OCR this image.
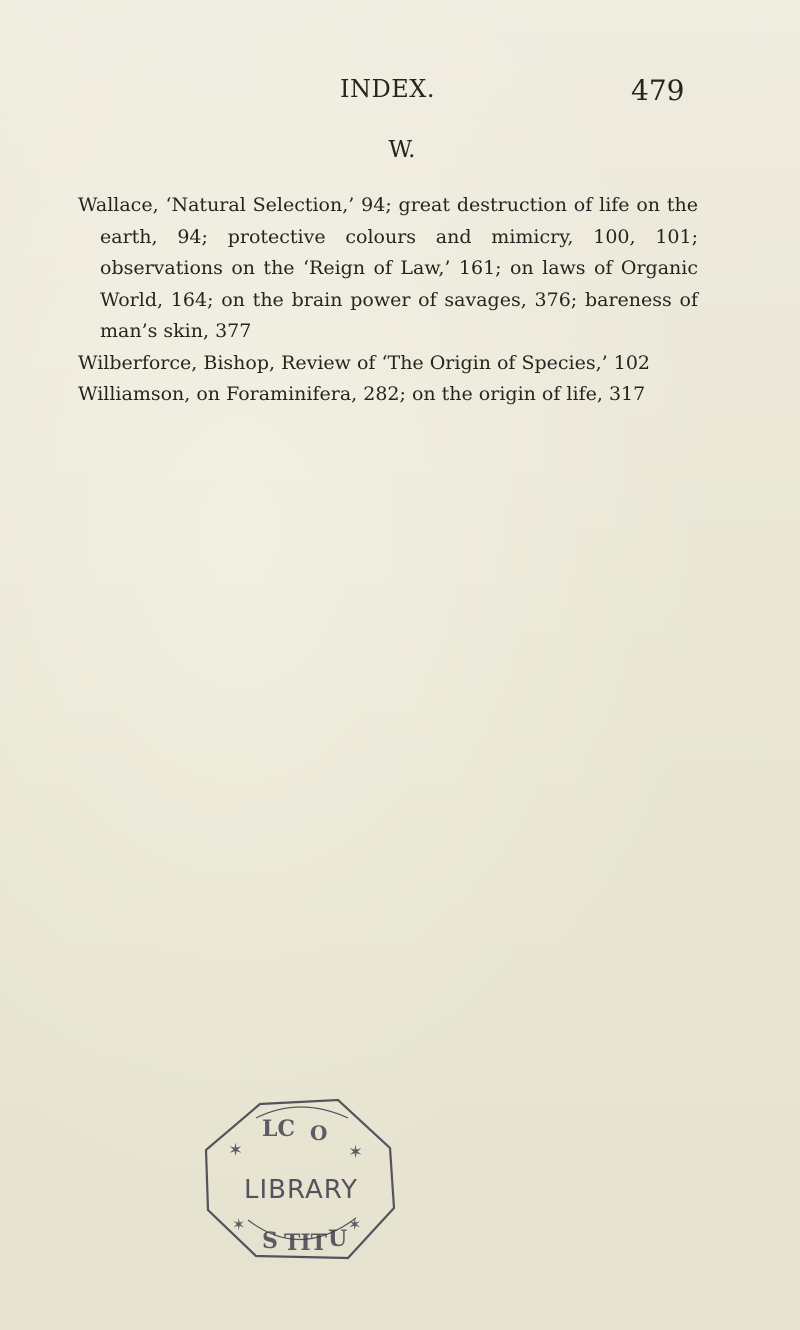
INDEX.	479
W.

Wallace, ‘Natural Selection,’ 94; great destruction of life on the earth, 94; protective colours and mimicry, 100, 101; observations on the ‘Reign of Law,’ 161; on laws of Organic World, 164; on the brain power of savages, 376; bareness of man’s skin, 377

Wilberforce, Bishop, Review of ‘The Origin of Species,’ 102

Williamson, on Foraminifera, 282; on the origin of life, 317

LC O
✶	✶
✶	✶
S TIT U
LIBRARY
